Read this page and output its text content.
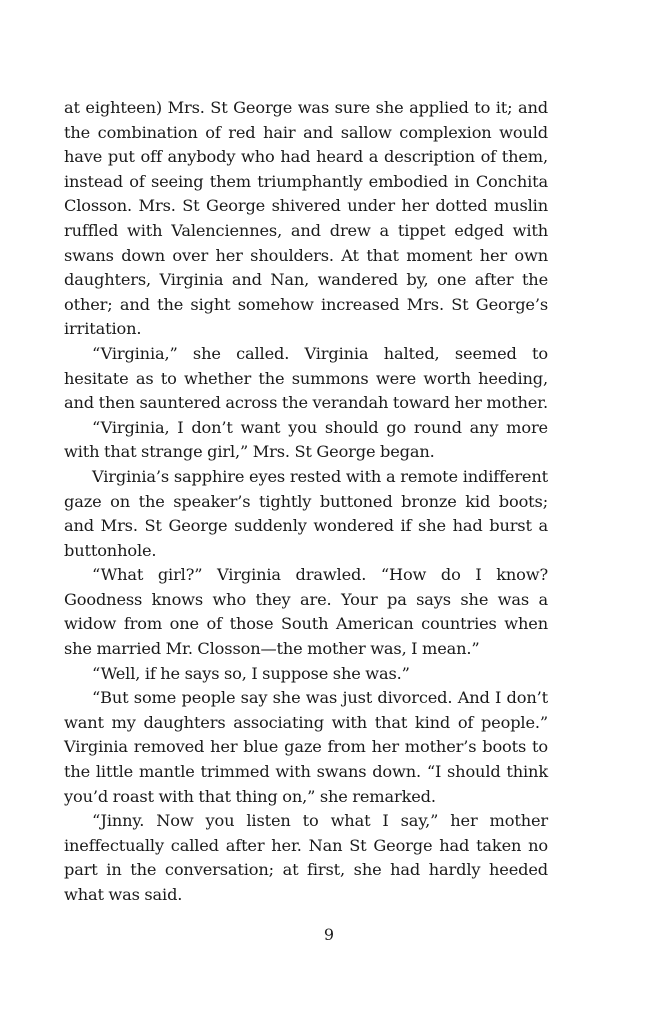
at eighteen) Mrs. St George was sure she applied to it; and the combination of red hair and sallow complexion would have put off anybody who had heard a description of them, instead of seeing them triumphantly embodied in Conchita Closson. Mrs. St George shivered under her dotted muslin ruffled with Valenciennes, and drew a tippet edged with swans down over her shoulders. At that moment her own daughters, Virginia and Nan, wandered by, one after the other; and the sight somehow increased Mrs. St George’s irritation.

“Virginia,” she called. Virginia halted, seemed to hesitate as to whether the summons were worth heeding, and then sauntered across the verandah toward her mother.

“Virginia, I don’t want you should go round any more with that strange girl,” Mrs. St George began.

Virginia’s sapphire eyes rested with a remote indifferent gaze on the speaker’s tightly buttoned bronze kid boots; and Mrs. St George suddenly wondered if she had burst a buttonhole.

“What girl?” Virginia drawled. “How do I know? Goodness knows who they are. Your pa says she was a widow from one of those South American countries when she married Mr. Closson—the mother was, I mean.”

“Well, if he says so, I suppose she was.”

“But some people say she was just divorced. And I don’t want my daughters associating with that kind of people.” Virginia removed her blue gaze from her mother’s boots to the little mantle trimmed with swans down. “I should think you’d roast with that thing on,” she remarked.

“Jinny. Now you listen to what I say,” her mother ineffectually called after her. Nan St George had taken no part in the conversation; at first, she had hardly heeded what was said.

9
